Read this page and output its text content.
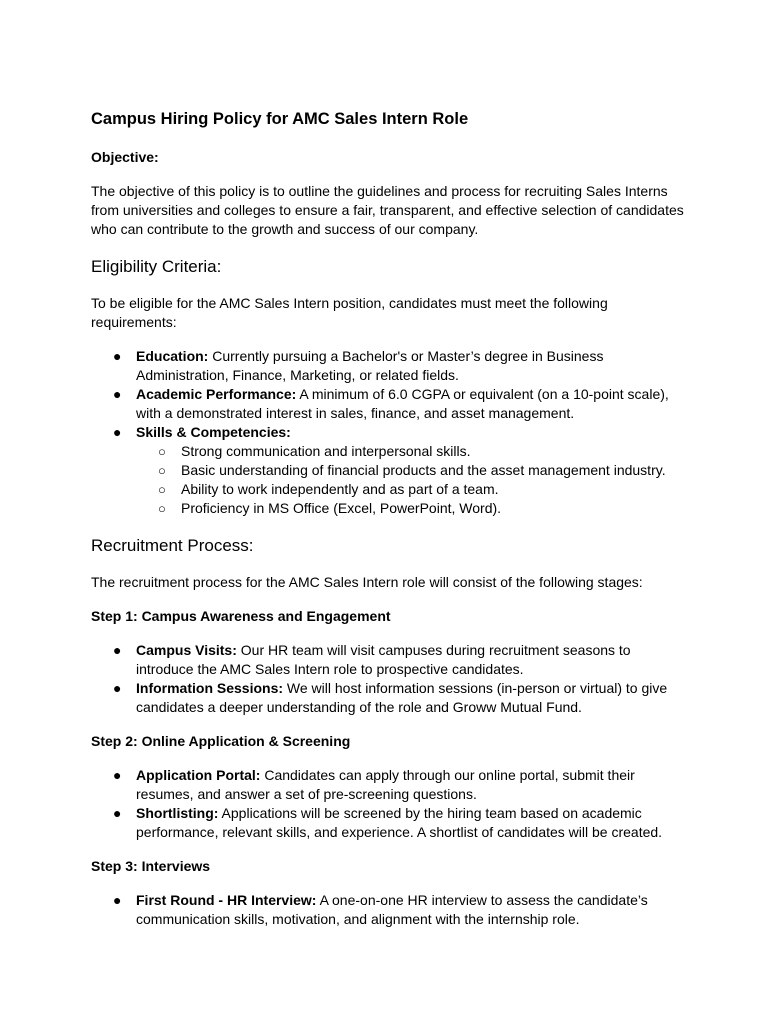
Campus Hiring Policy for AMC Sales Intern Role
Objective:
The objective of this policy is to outline the guidelines and process for recruiting Sales Interns
from universities and colleges to ensure a fair, transparent, and effective selection of candidates
who can contribute to the growth and success of our company.
Eligibility Criteria:
To be eligible for the AMC Sales Intern position, candidates must meet the following
requirements:
● Education: Currently pursuing a Bachelor's or Master’s degree in Business
Administration, Finance, Marketing, or related fields.
● Academic Performance: A minimum of 6.0 CGPA or equivalent (on a 10-point scale),
with a demonstrated interest in sales, finance, and asset management.
● Skills & Competencies:
○ Strong communication and interpersonal skills.
○ Basic understanding of financial products and the asset management industry.
○ Ability to work independently and as part of a team.
○ Proficiency in MS Office (Excel, PowerPoint, Word).
Recruitment Process:
The recruitment process for the AMC Sales Intern role will consist of the following stages:
Step 1: Campus Awareness and Engagement
● Campus Visits: Our HR team will visit campuses during recruitment seasons to
introduce the AMC Sales Intern role to prospective candidates.
● Information Sessions: We will host information sessions (in-person or virtual) to give
candidates a deeper understanding of the role and Groww Mutual Fund.
Step 2: Online Application & Screening
● Application Portal: Candidates can apply through our online portal, submit their
resumes, and answer a set of pre-screening questions.
● Shortlisting: Applications will be screened by the hiring team based on academic
performance, relevant skills, and experience. A shortlist of candidates will be created.
Step 3: Interviews
● First Round - HR Interview: A one-on-one HR interview to assess the candidate’s
communication skills, motivation, and alignment with the internship role.
